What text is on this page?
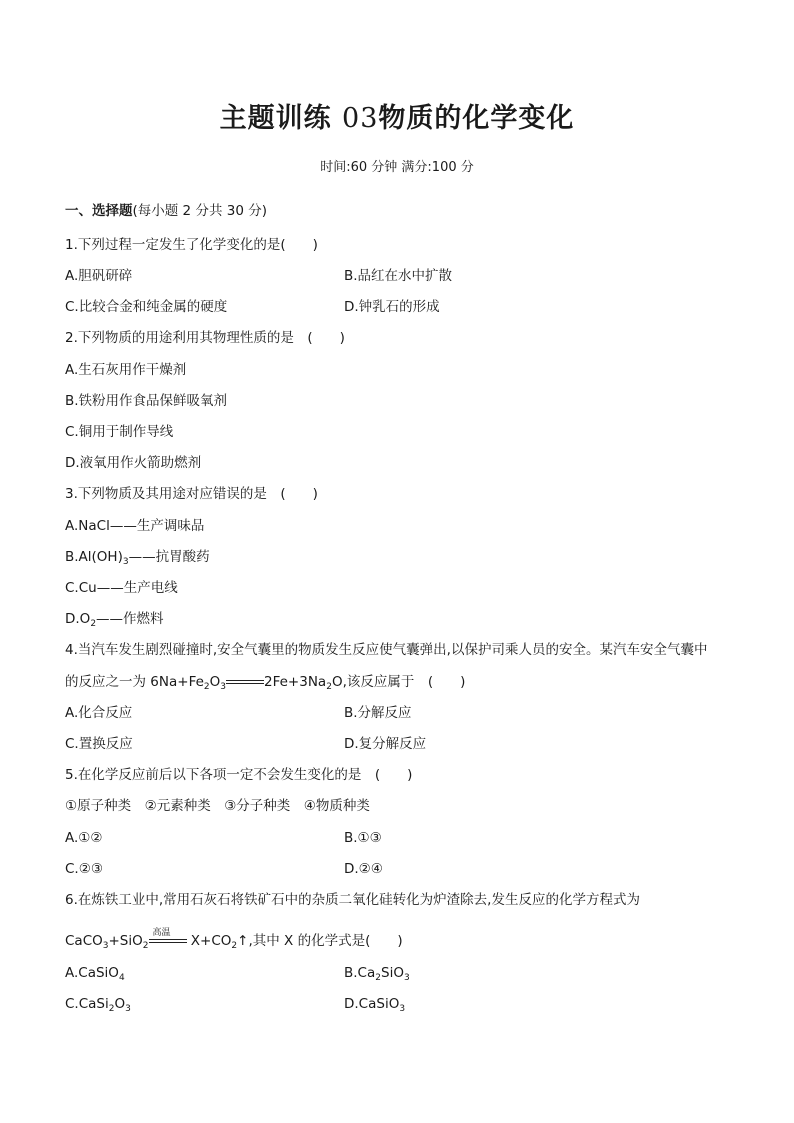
主题训练 03物质的化学变化
时间:60 分钟 满分:100 分
一、选择题(每小题 2 分共 30 分)
1.下列过程一定发生了化学变化的是(　　)
A.胆矾研碎	B.品红在水中扩散
C.比较合金和纯金属的硬度	D.钟乳石的形成
2.下列物质的用途利用其物理性质的是　(　　)
A.生石灰用作干燥剂
B.铁粉用作食品保鲜吸氧剂
C.铜用于制作导线
D.液氧用作火箭助燃剂
3.下列物质及其用途对应错误的是　(　　)
A.NaCl——生产调味品
$B.Al(OH)_3——$抗胃酸药
C.Cu——生产电线
$D.O_2——$作燃料
4.当汽车发生剧烈碰撞时,安全气囊里的物质发生反应使气囊弹出,以保护司乘人员的安全。某汽车安全气囊中
的反应之一为 $6Na+Fe_2O_3$	$2Fe+3Na_2O$,该反应属于　(　　)
A.化合反应	B.分解反应
C.置换反应	D.复分解反应
5.在化学反应前后以下各项一定不会发生变化的是　(　　)
①原子种类　②元素种类　③分子种类　④物质种类
A.①②	B.①③
C.②③	D.②④
6.在炼铁工业中,常用石灰石将铁矿石中的杂质二氧化硅转化为炉渣除去,发生反应的化学方程式为
CaCO$_3$+SiO$_2$
高温 $X+CO_2↑$,其中 X 的化学式是(　　)
A.CaSiO$_4$	$B.Ca_2SiO_3$
$C.CaSi_2O_3$	D.CaSiO$_3$
